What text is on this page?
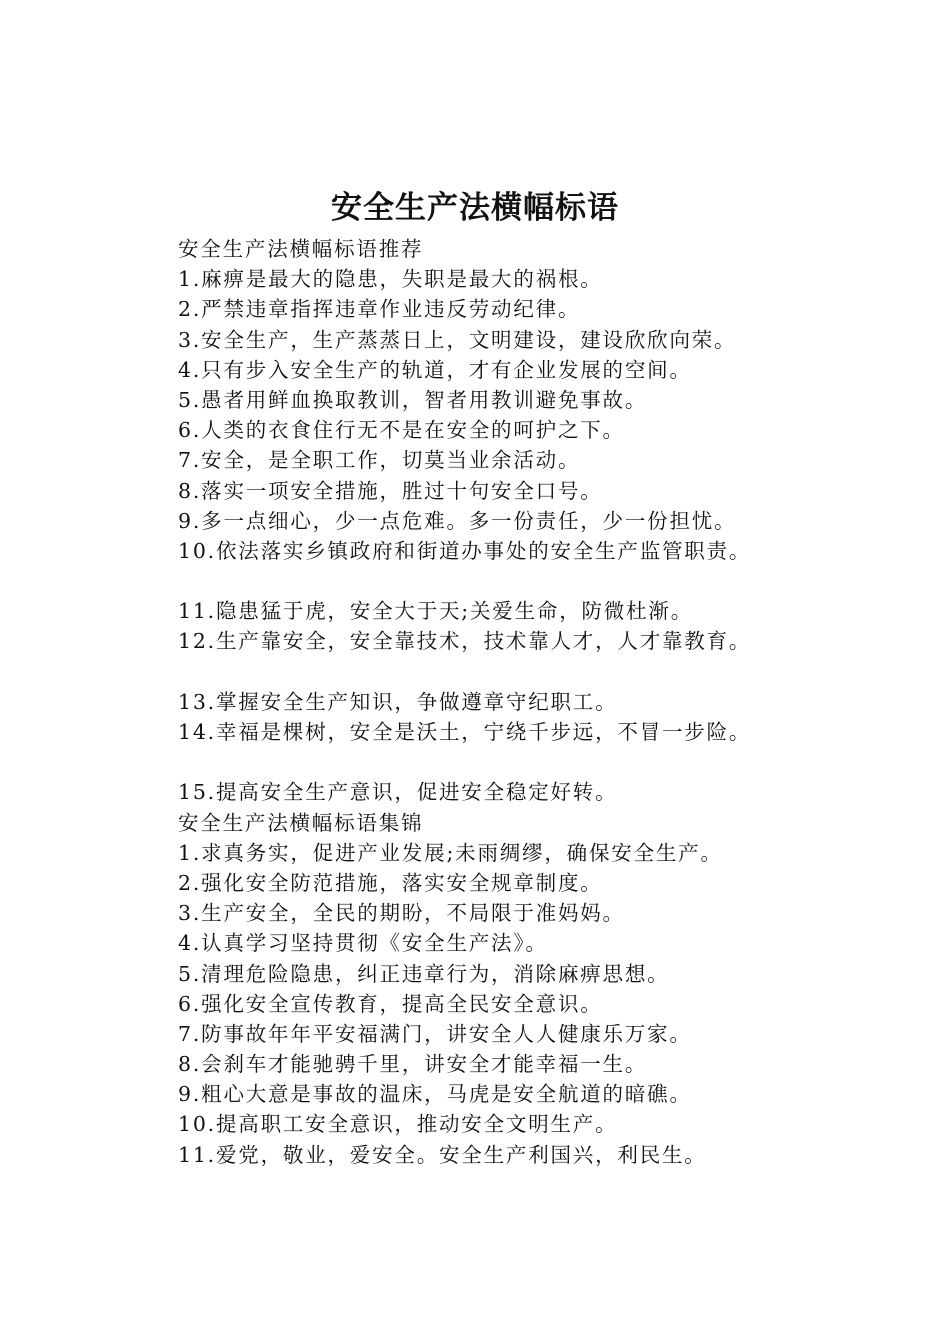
安全生产法横幅标语
安全生产法横幅标语推荐
1.麻痹是最大的隐患，失职是最大的祸根。
2.严禁违章指挥违章作业违反劳动纪律。
3.安全生产，生产蒸蒸日上，文明建设，建设欣欣向荣。
4.只有步入安全生产的轨道，才有企业发展的空间。
5.愚者用鲜血换取教训，智者用教训避免事故。
6.人类的衣食住行无不是在安全的呵护之下。
7.安全，是全职工作，切莫当业余活动。
8.落实一项安全措施，胜过十句安全口号。
9.多一点细心，少一点危难。多一份责任，少一份担忧。
10.依法落实乡镇政府和街道办事处的安全生产监管职责。
11.隐患猛于虎，安全大于天;关爱生命，防微杜渐。
12.生产靠安全，安全靠技术，技术靠人才，人才靠教育。
13.掌握安全生产知识，争做遵章守纪职工。
14.幸福是棵树，安全是沃土，宁绕千步远，不冒一步险。
15.提高安全生产意识，促进安全稳定好转。
安全生产法横幅标语集锦
1.求真务实，促进产业发展;未雨绸缪，确保安全生产。
2.强化安全防范措施，落实安全规章制度。
3.生产安全，全民的期盼，不局限于准妈妈。
4.认真学习坚持贯彻《安全生产法》。
5.清理危险隐患，纠正违章行为，消除麻痹思想。
6.强化安全宣传教育，提高全民安全意识。
7.防事故年年平安福满门，讲安全人人健康乐万家。
8.会刹车才能驰骋千里，讲安全才能幸福一生。
9.粗心大意是事故的温床，马虎是安全航道的暗礁。
10.提高职工安全意识，推动安全文明生产。
11.爱党，敬业，爱安全。安全生产利国兴，利民生。
